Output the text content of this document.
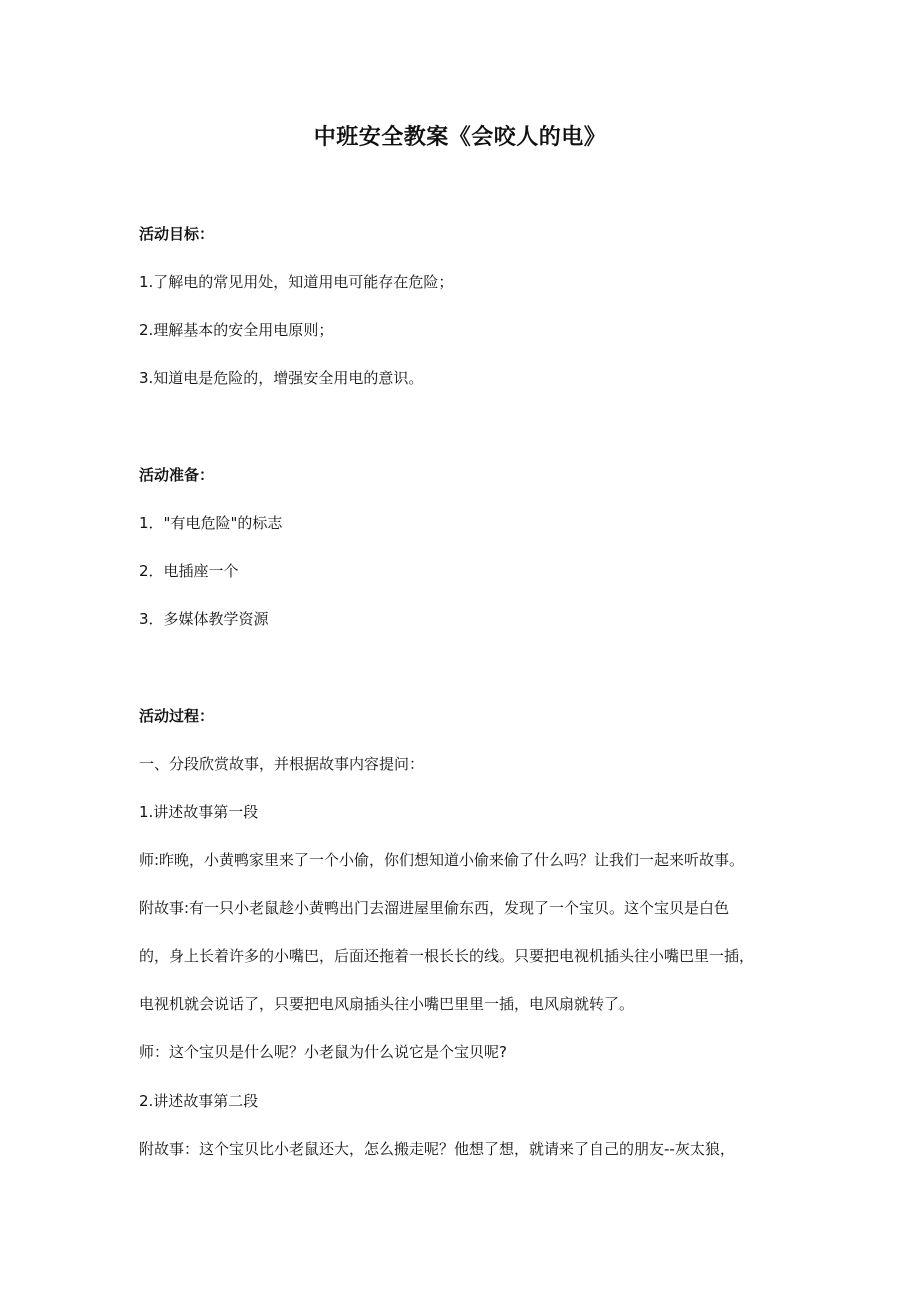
中班安全教案《会咬人的电》
活动目标：
1.了解电的常见用处，知道用电可能存在危险；
2.理解基本的安全用电原则；
3.知道电是危险的，增强安全用电的意识。
活动准备：
1．"有电危险"的标志
2．电插座一个
3．多媒体教学资源
活动过程：
一、分段欣赏故事，并根据故事内容提问：
1.讲述故事第一段
师:昨晚，小黄鸭家里来了一个小偷，你们想知道小偷来偷了什么吗？让我们一起来听故事。
附故事:有一只小老鼠趁小黄鸭出门去溜进屋里偷东西，发现了一个宝贝。这个宝贝是白色
的，身上长着许多的小嘴巴，后面还拖着一根长长的线。只要把电视机插头往小嘴巴里一插，
电视机就会说话了，只要把电风扇插头往小嘴巴里里一插，电风扇就转了。
师：这个宝贝是什么呢？小老鼠为什么说它是个宝贝呢?
2.讲述故事第二段
附故事：这个宝贝比小老鼠还大，怎么搬走呢？他想了想，就请来了自己的朋友--灰太狼，
